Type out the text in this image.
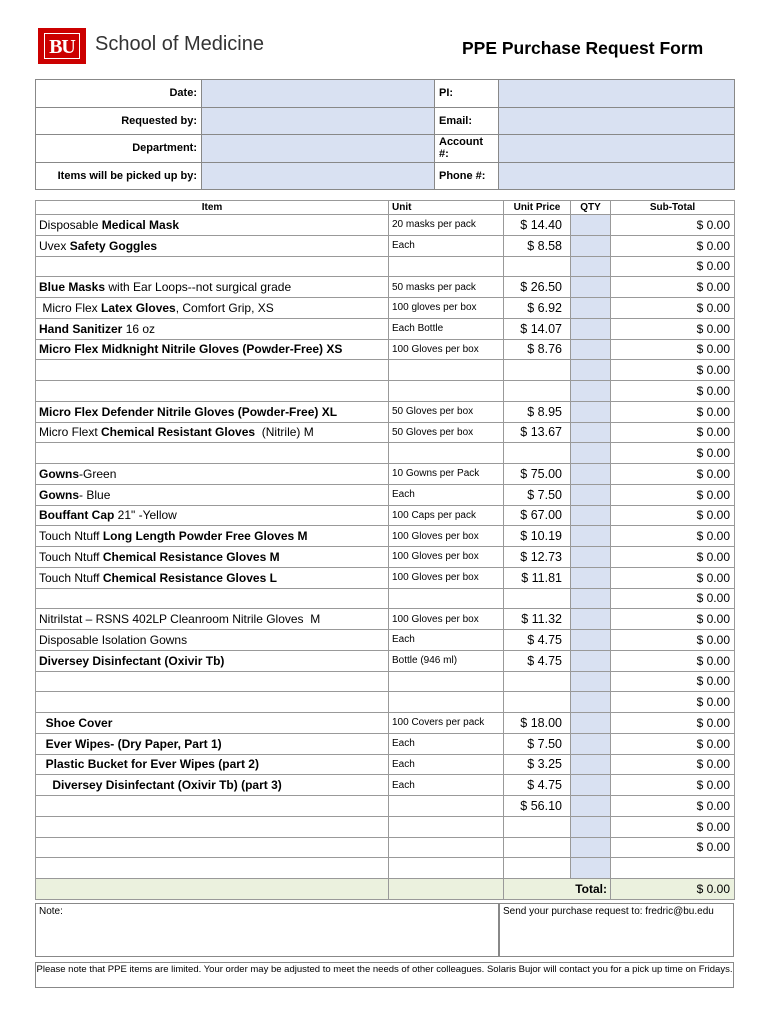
BU School of Medicine	PPE Purchase Request Form
Date:		PI:	
Requested by:		Email:	
Department:		Account #:	
Items will be picked up by:		Phone #:	
Item	Unit	Unit Price	QTY	Sub-Total
Disposable Medical Mask	20 masks per pack	$ 14.40		$ 0.00
Uvex Safety Goggles	Each	$ 8.58		$ 0.00
				$ 0.00
Blue Masks with Ear Loops--not surgical grade	50 masks per pack	$ 26.50		$ 0.00
Micro Flex Latex Gloves, Comfort Grip, XS	100 gloves per box	$ 6.92		$ 0.00
Hand Sanitizer 16 oz	Each Bottle	$ 14.07		$ 0.00
Micro Flex Midknight Nitrile Gloves (Powder-Free) XS	100 Gloves per box	$ 8.76		$ 0.00
				$ 0.00
				$ 0.00
Micro Flex Defender Nitrile Gloves (Powder-Free) XL	50 Gloves per box	$ 8.95		$ 0.00
Micro Flext Chemical Resistant Gloves  (Nitrile) M	50 Gloves per box	$ 13.67		$ 0.00
				$ 0.00
Gowns-Green	10 Gowns per Pack	$ 75.00		$ 0.00
Gowns- Blue	Each	$ 7.50		$ 0.00
Bouffant Cap 21" -Yellow	100 Caps per pack	$ 67.00		$ 0.00
Touch Ntuff Long Length Powder Free Gloves M	100 Gloves per box	$ 10.19		$ 0.00
Touch Ntuff Chemical Resistance Gloves M	100 Gloves per box	$ 12.73		$ 0.00
Touch Ntuff Chemical Resistance Gloves L	100 Gloves per box	$ 11.81		$ 0.00
				$ 0.00
Nitrilstat – RSNS 402LP Cleanroom Nitrile Gloves  M	100 Gloves per box	$ 11.32		$ 0.00
Disposable Isolation Gowns	Each	$ 4.75		$ 0.00
Diversey Disinfectant (Oxivir Tb)	Bottle (946 ml)	$ 4.75		$ 0.00
				$ 0.00
				$ 0.00
Shoe Cover	100 Covers per pack	$ 18.00		$ 0.00
Ever Wipes- (Dry Paper, Part 1)	Each	$ 7.50		$ 0.00
Plastic Bucket for Ever Wipes (part 2)	Each	$ 3.25		$ 0.00
Diversey Disinfectant (Oxivir Tb) (part 3)	Each	$ 4.75		$ 0.00
		$ 56.10		$ 0.00
				$ 0.00
				$ 0.00

		Total:		$ 0.00
Note:	Send your purchase request to: fredric@bu.edu
Please note that PPE items are limited. Your order may be adjusted to meet the needs of other colleagues. Solaris Bujor will contact you for a pick up time on Fridays.
